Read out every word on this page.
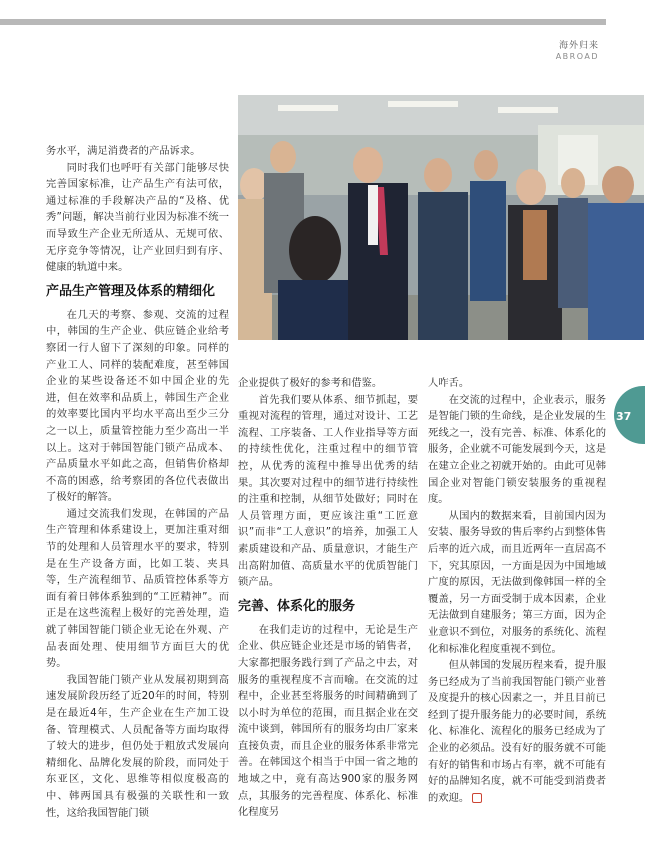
海外归来
ABROAD
37

务水平，满足消费者的产品诉求。

同时我们也呼吁有关部门能够尽快完善国家标准，让产品生产有法可依，通过标准的手段解决产品的“及格、优秀”问题，解决当前行业因为标准不统一而导致生产企业无所适从、无规可依、无序竞争等情况，让产业回归到有序、健康的轨道中来。

产品生产管理及体系的精细化

在几天的考察、参观、交流的过程中，韩国的生产企业、供应链企业给考察团一行人留下了深刻的印象。同样的产业工人、同样的装配难度，甚至韩国企业的某些设备还不如中国企业的先进，但在效率和品质上，韩国生产企业的效率要比国内平均水平高出至少三分之一以上，质量管控能力至少高出一半以上。这对于韩国智能门锁产品成本、产品质量水平如此之高，但销售价格却不高的困惑，给考察团的各位代表做出了极好的解答。

通过交流我们发现，在韩国的产品生产管理和体系建设上，更加注重对细节的处理和人员管理水平的要求，特别是在生产设备方面，比如工装、夹具等，生产流程细节、品质管控体系等方面有着日韩体系独到的“工匠精神”。而正是在这些流程上极好的完善处理，造就了韩国智能门锁企业无论在外观、产品表面处理、使用细节方面巨大的优势。

我国智能门锁产业从发展初期到高速发展阶段历经了近20年的时间，特别是在最近4年，生产企业在生产加工设备、管理模式、人员配备等方面均取得了较大的进步，但仍处于粗放式发展向精细化、品牌化发展的阶段，而同处于东亚区，文化、思维等相似度极高的中、韩两国具有极强的关联性和一致性，这给我国智能门锁

企业提供了极好的参考和借鉴。

首先我们要从体系、细节抓起，要重视对流程的管理，通过对设计、工艺流程、工序装备、工人作业指导等方面的持续性优化，注重过程中的细节管控，从优秀的流程中推导出优秀的结果。其次要对过程中的细节进行持续性的注重和控制，从细节处做好；同时在人员管理方面，更应该注重“工匠意识”而非“工人意识”的培养，加强工人素质建设和产品、质量意识，才能生产出高附加值、高质量水平的优质智能门锁产品。

完善、体系化的服务

在我们走访的过程中，无论是生产企业、供应链企业还是市场的销售者，大家都把服务践行到了产品之中去，对服务的重视程度不言而喻。在交流的过程中，企业甚至将服务的时间精确到了以小时为单位的范围，而且据企业在交流中谈到，韩国所有的服务均由厂家来直接负责，而且企业的服务体系非常完善。在韩国这个相当于中国一省之地的地域之中，竟有高达900家的服务网点，其服务的完善程度、体系化、标准化程度另

人咋舌。

在交流的过程中，企业表示，服务是智能门锁的生命线，是企业发展的生死线之一，没有完善、标准、体系化的服务，企业就不可能发展到今天，这是在建立企业之初就开始的。由此可见韩国企业对智能门锁安装服务的重视程度。

从国内的数据来看，目前国内因为安装、服务导致的售后率约占到整体售后率的近六成，而且近两年一直居高不下，究其原因，一方面是因为中国地域广度的原因，无法做到像韩国一样的全覆盖，另一方面受制于成本因素，企业无法做到自建服务；第三方面，因为企业意识不到位，对服务的系统化、流程化和标准化程度重视不到位。

但从韩国的发展历程来看，提升服务已经成为了当前我国智能门锁产业普及度提升的核心因素之一，并且目前已经到了提升服务能力的必要时间，系统化、标准化、流程化的服务已经成为了企业的必须品。没有好的服务就不可能有好的销售和市场占有率，就不可能有好的品牌知名度，就不可能受到消费者的欢迎。
